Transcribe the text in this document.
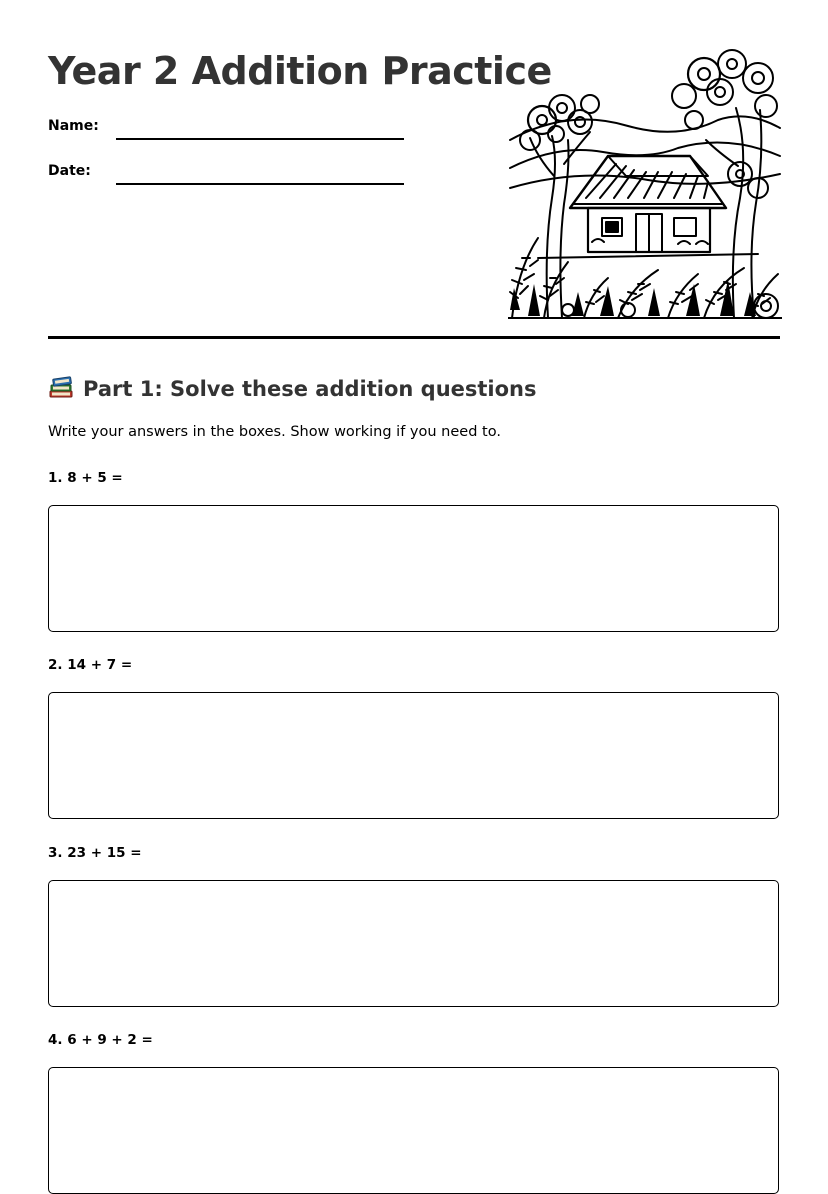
Year 2 Addition Practice
Name:
Date:
Part 1: Solve these addition questions
Write your answers in the boxes. Show working if you need to.
1. 8 + 5 =
2. 14 + 7 =
3. 23 + 15 =
4. 6 + 9 + 2 =
